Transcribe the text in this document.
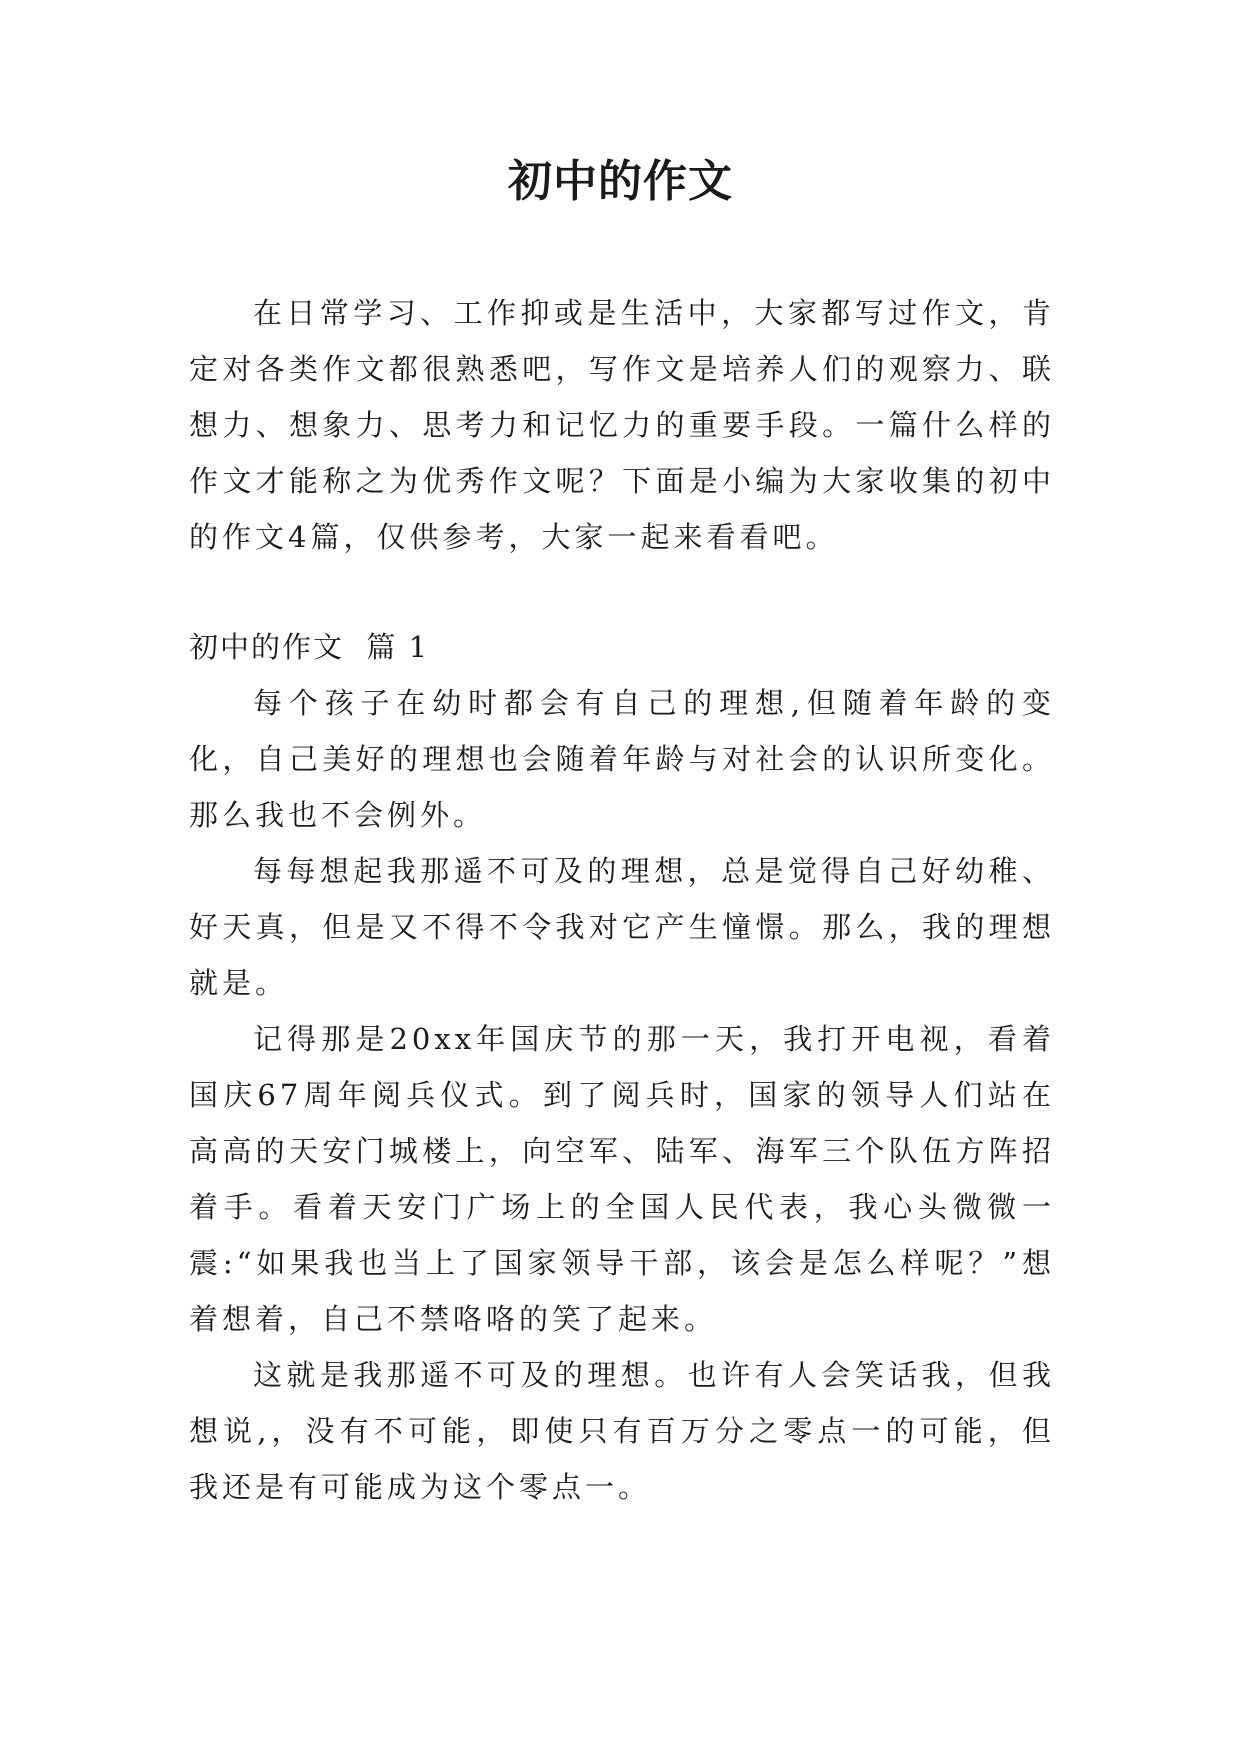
初中的作文

在日常学习、工作抑或是生活中，大家都写过作文，肯定对各类作文都很熟悉吧，写作文是培养人们的观察力、联想力、想象力、思考力和记忆力的重要手段。一篇什么样的作文才能称之为优秀作文呢？下面是小编为大家收集的初中的作文4篇，仅供参考，大家一起来看看吧。

初中的作文  篇 1

每个孩子在幼时都会有自己的理想,但随着年龄的变化，自己美好的理想也会随着年龄与对社会的认识所变化。那么我也不会例外。

每每想起我那遥不可及的理想，总是觉得自己好幼稚、好天真，但是又不得不令我对它产生憧憬。那么，我的理想就是。

记得那是20xx年国庆节的那一天，我打开电视，看着国庆67周年阅兵仪式。到了阅兵时，国家的领导人们站在高高的天安门城楼上，向空军、陆军、海军三个队伍方阵招着手。看着天安门广场上的全国人民代表，我心头微微一震:“如果我也当上了国家领导干部，该会是怎么样呢？”想着想着，自己不禁咯咯的笑了起来。

这就是我那遥不可及的理想。也许有人会笑话我，但我想说,，没有不可能，即使只有百万分之零点一的可能，但我还是有可能成为这个零点一。
